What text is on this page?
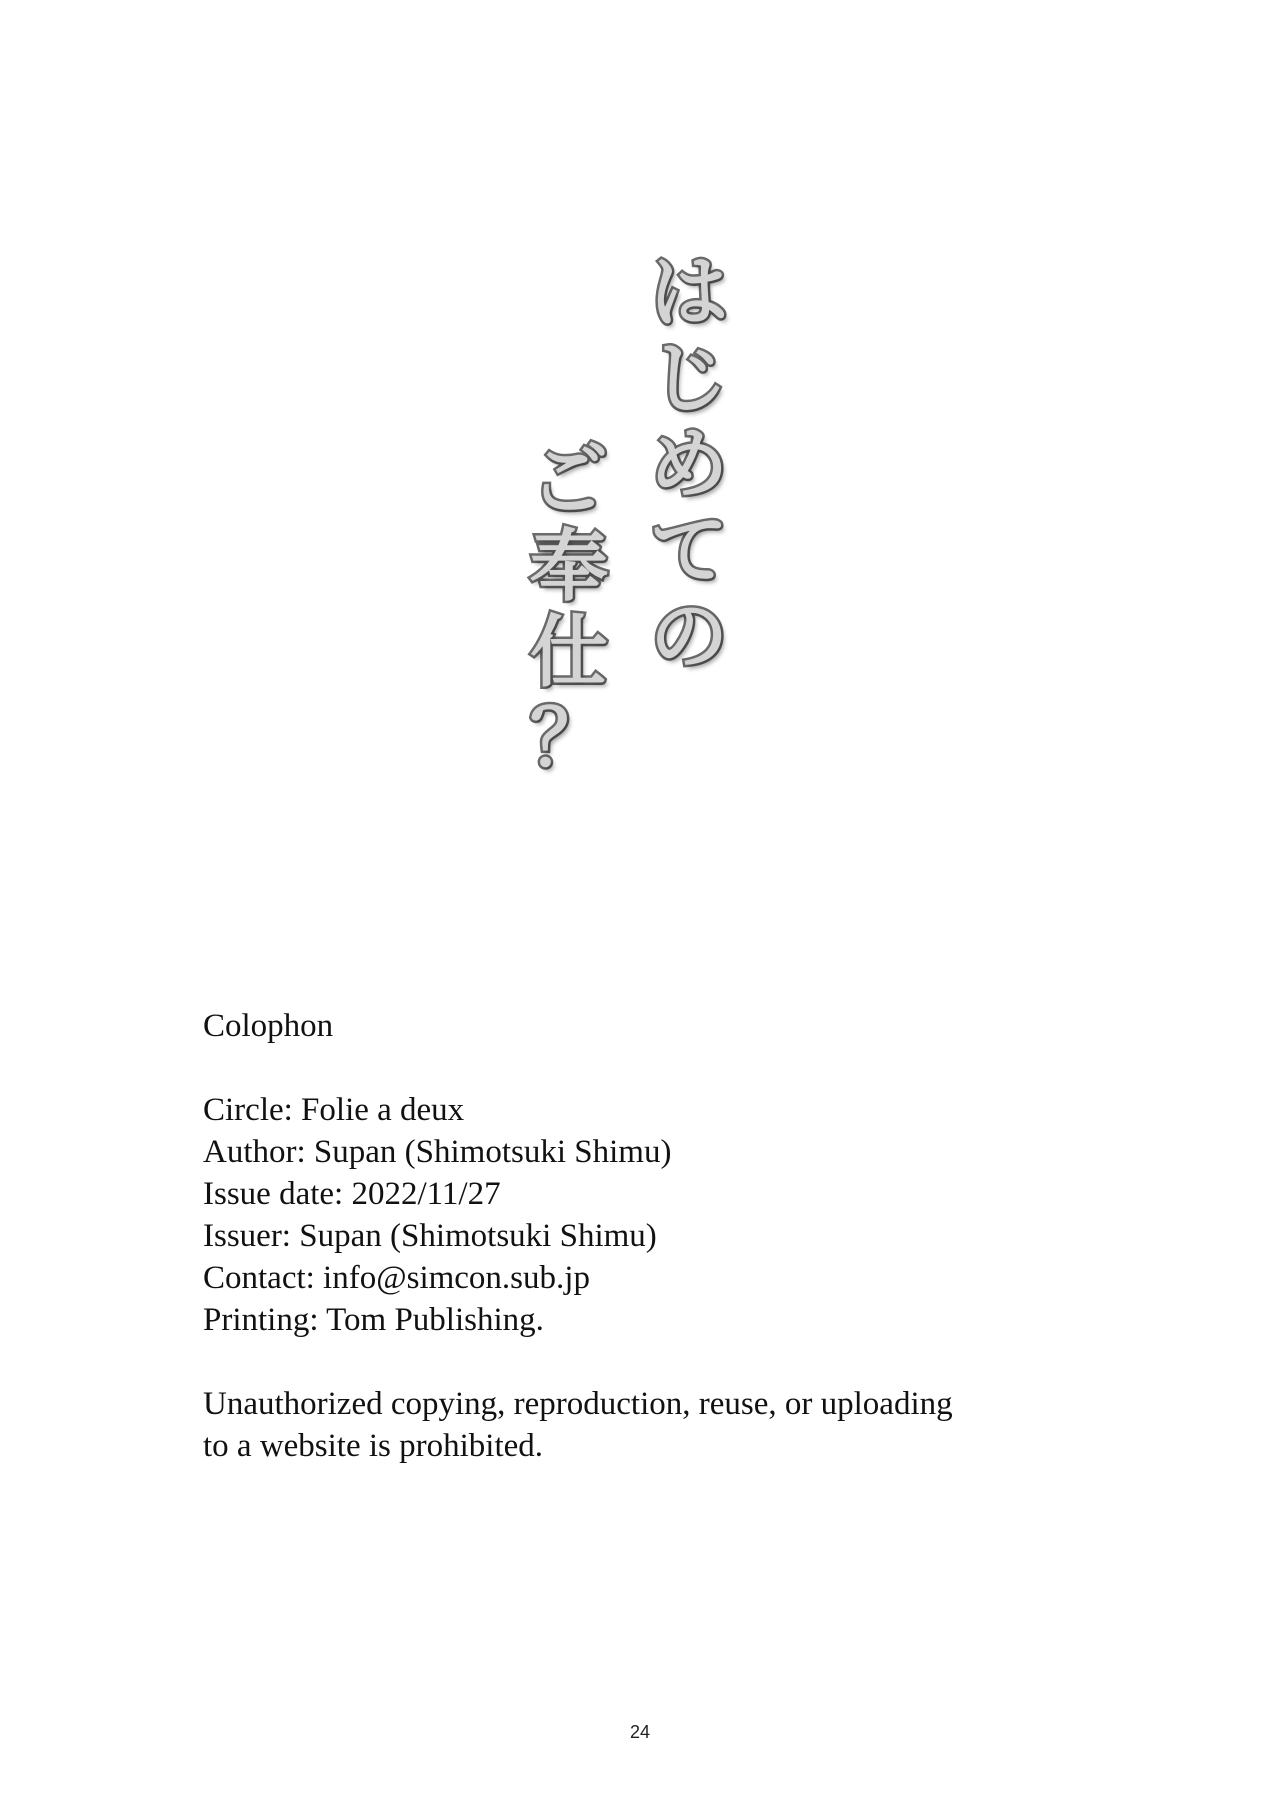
は
じ
め
て
の
ご
奉
仕
？
Colophon
Circle: Folie a deux
Author: Supan (Shimotsuki Shimu)
Issue date: 2022/11/27
Issuer: Supan (Shimotsuki Shimu)
Contact: info@simcon.sub.jp
Printing: Tom Publishing.
Unauthorized copying, reproduction, reuse, or uploading
to a website is prohibited.
24
